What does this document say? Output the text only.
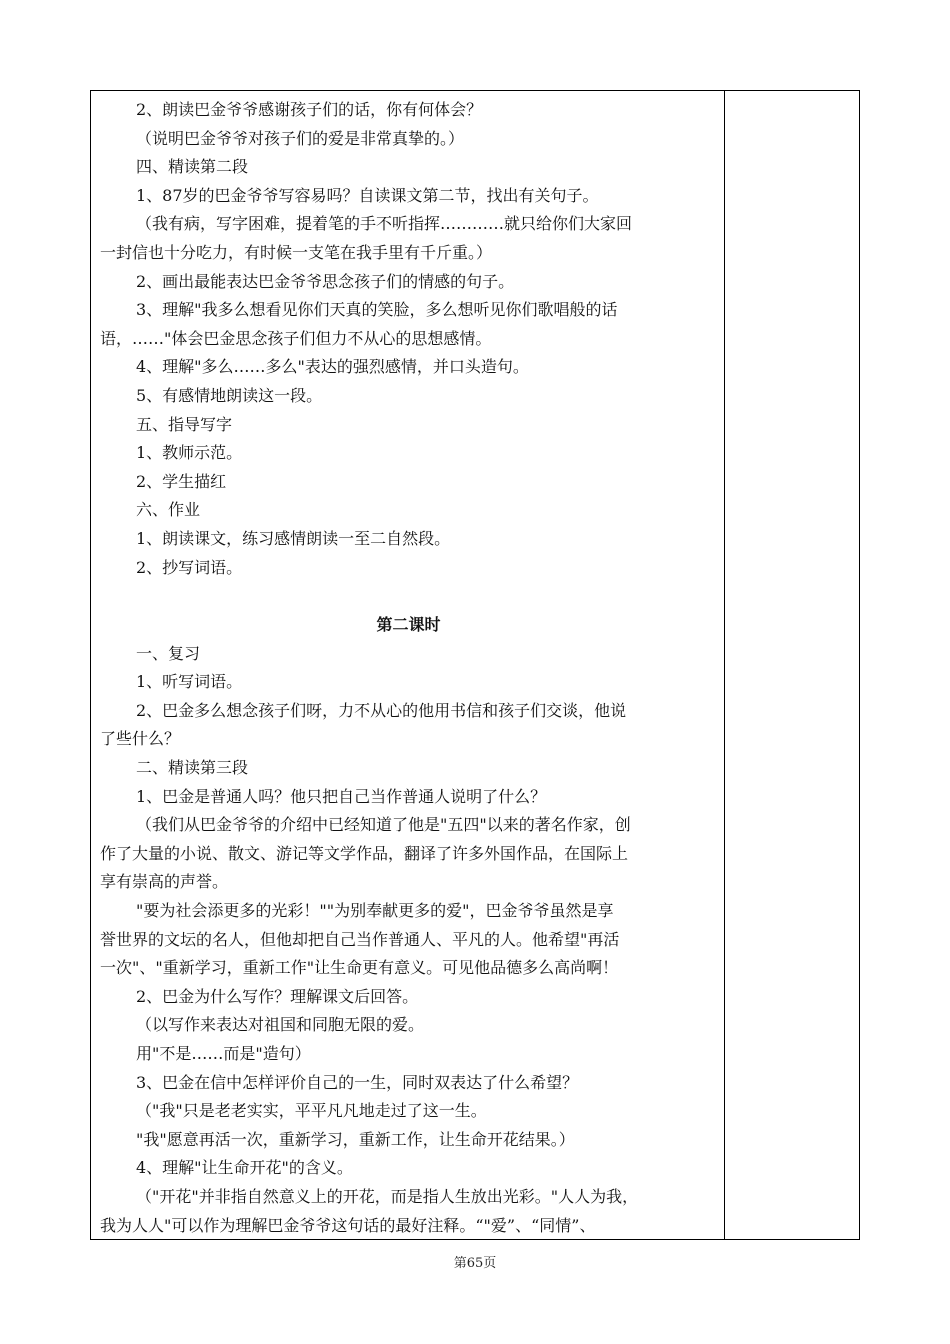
2、朗读巴金爷爷感谢孩子们的话，你有何体会？
（说明巴金爷爷对孩子们的爱是非常真挚的。）
四、精读第二段
1、87岁的巴金爷爷写容易吗？自读课文第二节，找出有关句子。
（我有病，写字困难，提着笔的手不听指挥…………就只给你们大家回
一封信也十分吃力，有时候一支笔在我手里有千斤重。）
2、画出最能表达巴金爷爷思念孩子们的情感的句子。
3、理解"我多么想看见你们天真的笑脸，多么想听见你们歌唱般的话
语，……"体会巴金思念孩子们但力不从心的思想感情。
4、理解"多么……多么"表达的强烈感情，并口头造句。
5、有感情地朗读这一段。
五、指导写字
1、教师示范。
2、学生描红
六、作业
1、朗读课文，练习感情朗读一至二自然段。
2、抄写词语。
第二课时
一、复习
1、听写词语。
2、巴金多么想念孩子们呀，力不从心的他用书信和孩子们交谈，他说
了些什么？
二、精读第三段
1、巴金是普通人吗？他只把自己当作普通人说明了什么？
（我们从巴金爷爷的介绍中已经知道了他是"五四"以来的著名作家，创
作了大量的小说、散文、游记等文学作品，翻译了许多外国作品，在国际上
享有崇高的声誉。
"要为社会添更多的光彩！""为别奉献更多的爱"，巴金爷爷虽然是享
誉世界的文坛的名人，但他却把自己当作普通人、平凡的人。他希望"再活
一次"、"重新学习，重新工作"让生命更有意义。可见他品德多么高尚啊！
2、巴金为什么写作？理解课文后回答。
（以写作来表达对祖国和同胞无限的爱。
用"不是……而是"造句）
3、巴金在信中怎样评价自己的一生，同时双表达了什么希望？
（"我"只是老老实实，平平凡凡地走过了这一生。
"我"愿意再活一次，重新学习，重新工作，让生命开花结果。）
4、理解"让生命开花"的含义。
（"开花"并非指自然意义上的开花，而是指人生放出光彩。"人人为我，
我为人人"可以作为理解巴金爷爷这句话的最好注释。“"爱”、“同情”、
第65页
